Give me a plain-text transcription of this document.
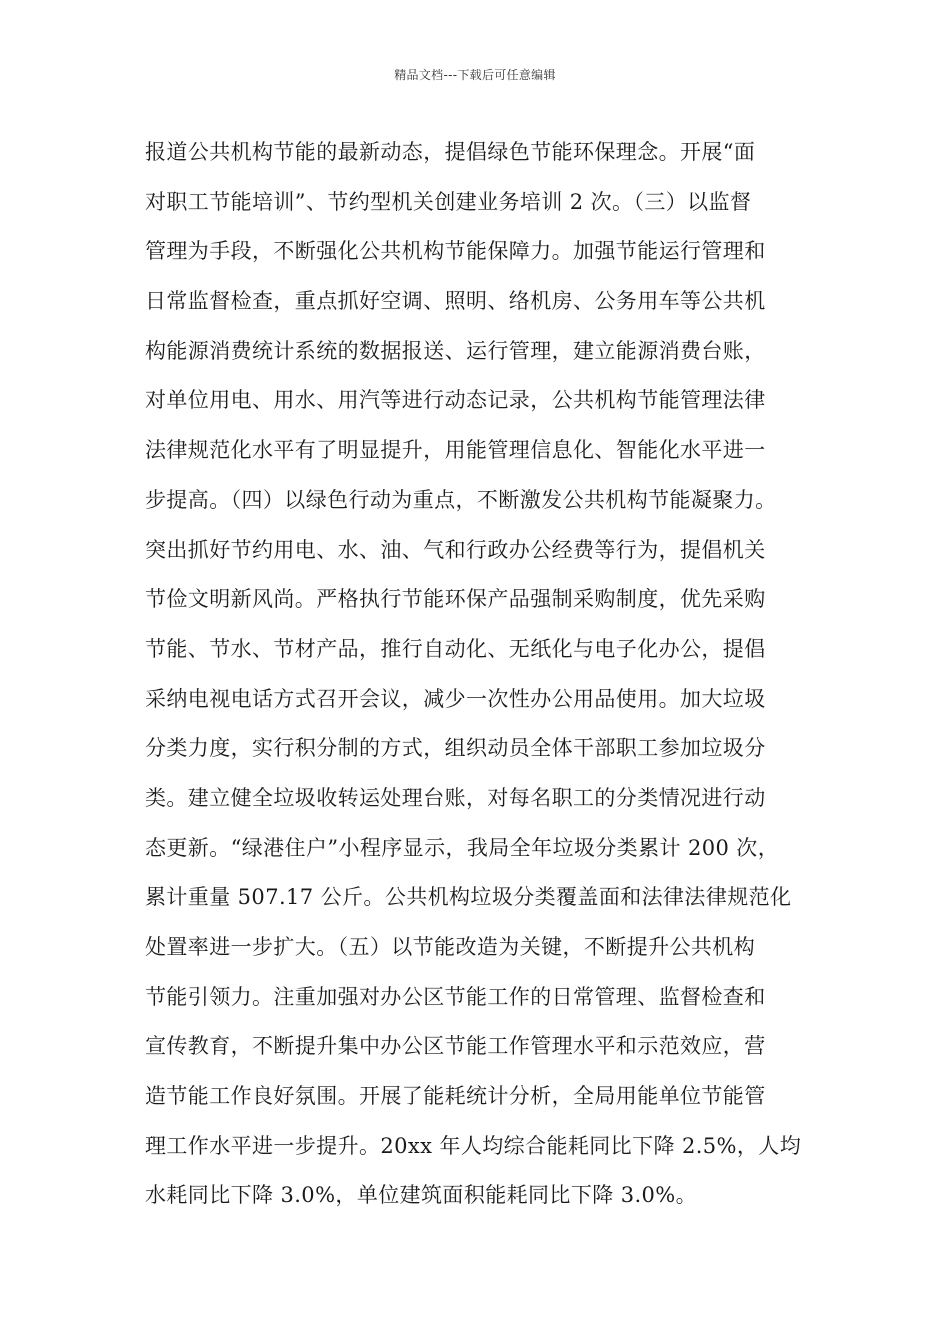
精品文档---下载后可任意编辑
报道公共机构节能的最新动态，提倡绿色节能环保理念。开展“面
对职工节能培训”、节约型机关创建业务培训 2 次。（三）以监督
管理为手段，不断强化公共机构节能保障力。加强节能运行管理和
日常监督检查，重点抓好空调、照明、络机房、公务用车等公共机
构能源消费统计系统的数据报送、运行管理，建立能源消费台账，
对单位用电、用水、用汽等进行动态记录，公共机构节能管理法律
法律规范化水平有了明显提升，用能管理信息化、智能化水平进一
步提高。（四）以绿色行动为重点，不断激发公共机构节能凝聚力。
突出抓好节约用电、水、油、气和行政办公经费等行为，提倡机关
节俭文明新风尚。严格执行节能环保产品强制采购制度，优先采购
节能、节水、节材产品，推行自动化、无纸化与电子化办公，提倡
采纳电视电话方式召开会议，减少一次性办公用品使用。加大垃圾
分类力度，实行积分制的方式，组织动员全体干部职工参加垃圾分
类。建立健全垃圾收转运处理台账，对每名职工的分类情况进行动
态更新。“绿港住户”小程序显示，我局全年垃圾分类累计 200 次，
累计重量 507.17 公斤。公共机构垃圾分类覆盖面和法律法律规范化
处置率进一步扩大。（五）以节能改造为关键，不断提升公共机构
节能引领力。注重加强对办公区节能工作的日常管理、监督检查和
宣传教育，不断提升集中办公区节能工作管理水平和示范效应，营
造节能工作良好氛围。开展了能耗统计分析，全局用能单位节能管
理工作水平进一步提升。20xx 年人均综合能耗同比下降 2.5%，人均
水耗同比下降 3.0%，单位建筑面积能耗同比下降 3.0%。
